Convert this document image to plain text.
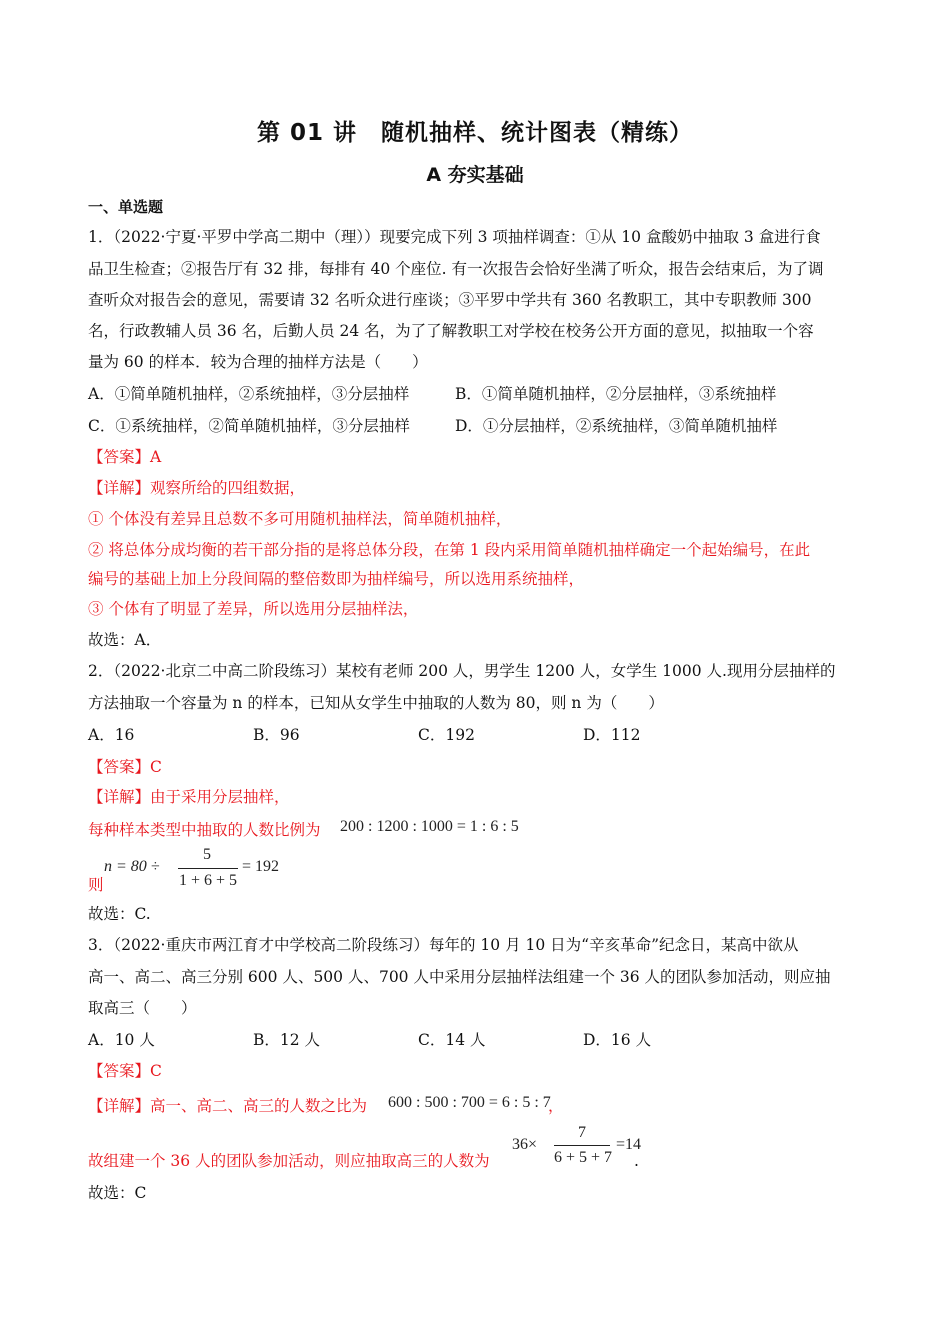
第 01 讲　随机抽样、统计图表（精练）
A 夯实基础
一、单选题
1．（2022·宁夏·平罗中学高二期中（理））现要完成下列 3 项抽样调查：①从 10 盒酸奶中抽取 3 盒进行食
品卫生检查；②报告厅有 32 排，每排有 40 个座位. 有一次报告会恰好坐满了听众，报告会结束后，为了调
查听众对报告会的意见，需要请 32 名听众进行座谈；③平罗中学共有 360 名教职工，其中专职教师 300
名，行政教辅人员 36 名，后勤人员 24 名，为了了解教职工对学校在校务公开方面的意见，拟抽取一个容
量为 60 的样本．较为合理的抽样方法是（　　）
A．①简单随机抽样，②系统抽样，③分层抽样	B．①简单随机抽样，②分层抽样，③系统抽样
C．①系统抽样，②简单随机抽样，③分层抽样	D．①分层抽样，②系统抽样，③简单随机抽样
【答案】A
【详解】观察所给的四组数据，
① 个体没有差异且总数不多可用随机抽样法，简单随机抽样，
② 将总体分成均衡的若干部分指的是将总体分段，在第 1 段内采用简单随机抽样确定一个起始编号，在此
编号的基础上加上分段间隔的整倍数即为抽样编号，所以选用系统抽样，
③ 个体有了明显了差异，所以选用分层抽样法，
故选：A．
2．（2022·北京二中高二阶段练习）某校有老师 200 人，男学生 1200 人，女学生 1000 人.现用分层抽样的
方法抽取一个容量为 n 的样本，已知从女学生中抽取的人数为 80，则 n 为（　　）
A．16	B．96	C．192	D．112
【答案】C
【详解】由于采用分层抽样，
每种样本类型中抽取的人数比例为	200 : 1200 : 1000 = 1 : 6 : 5
n = 80 ÷
5
1 + 6 + 5
= 192
则
故选：C.
3．（2022·重庆市两江育才中学校高二阶段练习）每年的 10 月 10 日为“辛亥革命”纪念日，某高中欲从
高一、高二、高三分别 600 人、500 人、700 人中采用分层抽样法组建一个 36 人的团队参加活动，则应抽
取高三（　　）
A．10 人	B．12 人	C．14 人	D．16 人
【答案】C
【详解】高一、高二、高三的人数之比为	600 : 500 : 700 = 6 : 5 : 7
，
故组建一个 36 人的团队参加活动，则应抽取高三的人数为
36×
7
6 + 5 + 7
=14
.
故选：C
